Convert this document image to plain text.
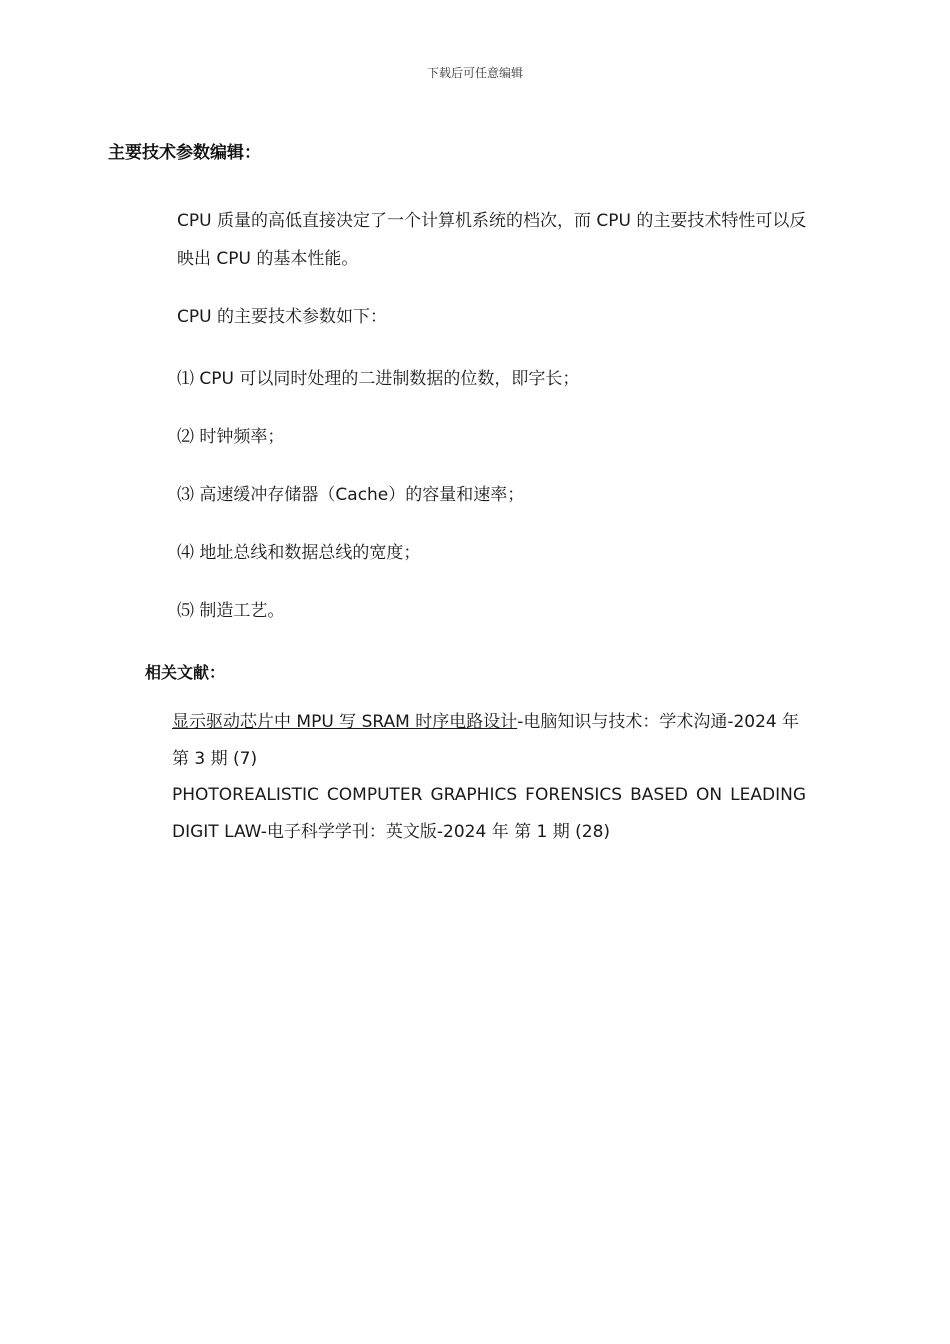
下载后可任意编辑
主要技术参数编辑：
CPU 质量的高低直接决定了一个计算机系统的档次，而 CPU 的主要技术特性可以反映出 CPU 的基本性能。
CPU 的主要技术参数如下：
⑴ CPU 可以同时处理的二进制数据的位数，即字长；
⑵ 时钟频率；
⑶ 高速缓冲存储器（Cache）的容量和速率；
⑷ 地址总线和数据总线的宽度；
⑸ 制造工艺。
相关文献：
显示驱动芯片中 MPU 写 SRAM 时序电路设计-电脑知识与技术：学术沟通-2024 年 第 3 期 (7)
PHOTOREALISTIC COMPUTER GRAPHICS FORENSICS BASED ON LEADING DIGIT LAW-电子科学学刊：英文版-2024 年 第 1 期 (28)
